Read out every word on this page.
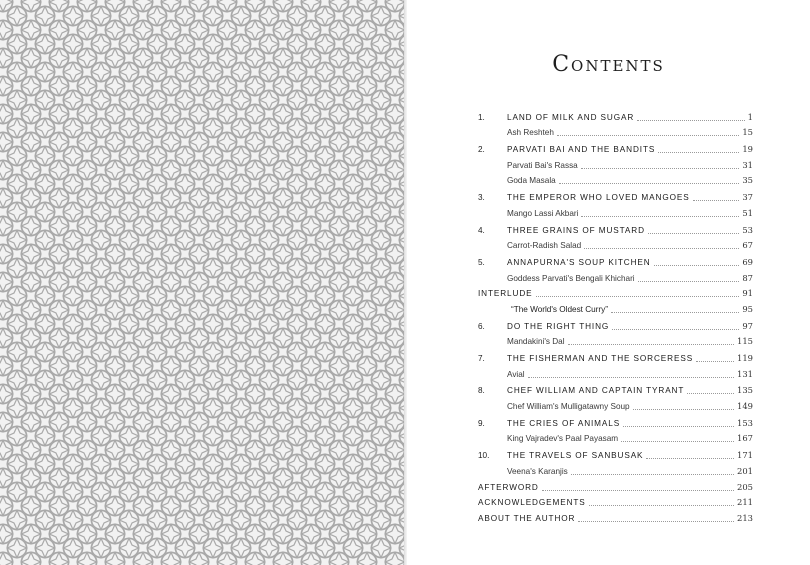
Contents
1.	LAND OF MILK AND SUGAR	1
Ash Reshteh	15
2.	PARVATI BAI AND THE BANDITS	19
Parvati Bai's Rassa	31
Goda Masala	35
3.	THE EMPEROR WHO LOVED MANGOES	37
Mango Lassi Akbari	51
4.	THREE GRAINS OF MUSTARD	53
Carrot-Radish Salad	67
5.	ANNAPURNA'S SOUP KITCHEN	69
Goddess Parvati's Bengali Khichari	87
INTERLUDE	91
“The World's Oldest Curry”	95
6.	DO THE RIGHT THING	97
Mandakini's Dal	115
7.	THE FISHERMAN AND THE SORCERESS	119
Avial	131
8.	CHEF WILLIAM AND CAPTAIN TYRANT	135
Chef William's Mulligatawny Soup	149
9.	THE CRIES OF ANIMALS	153
King Vajradev's Paal Payasam	167
10.	THE TRAVELS OF SANBUSAK	171
Veena's Karanjis	201
AFTERWORD	205
ACKNOWLEDGEMENTS	211
ABOUT THE AUTHOR	213
